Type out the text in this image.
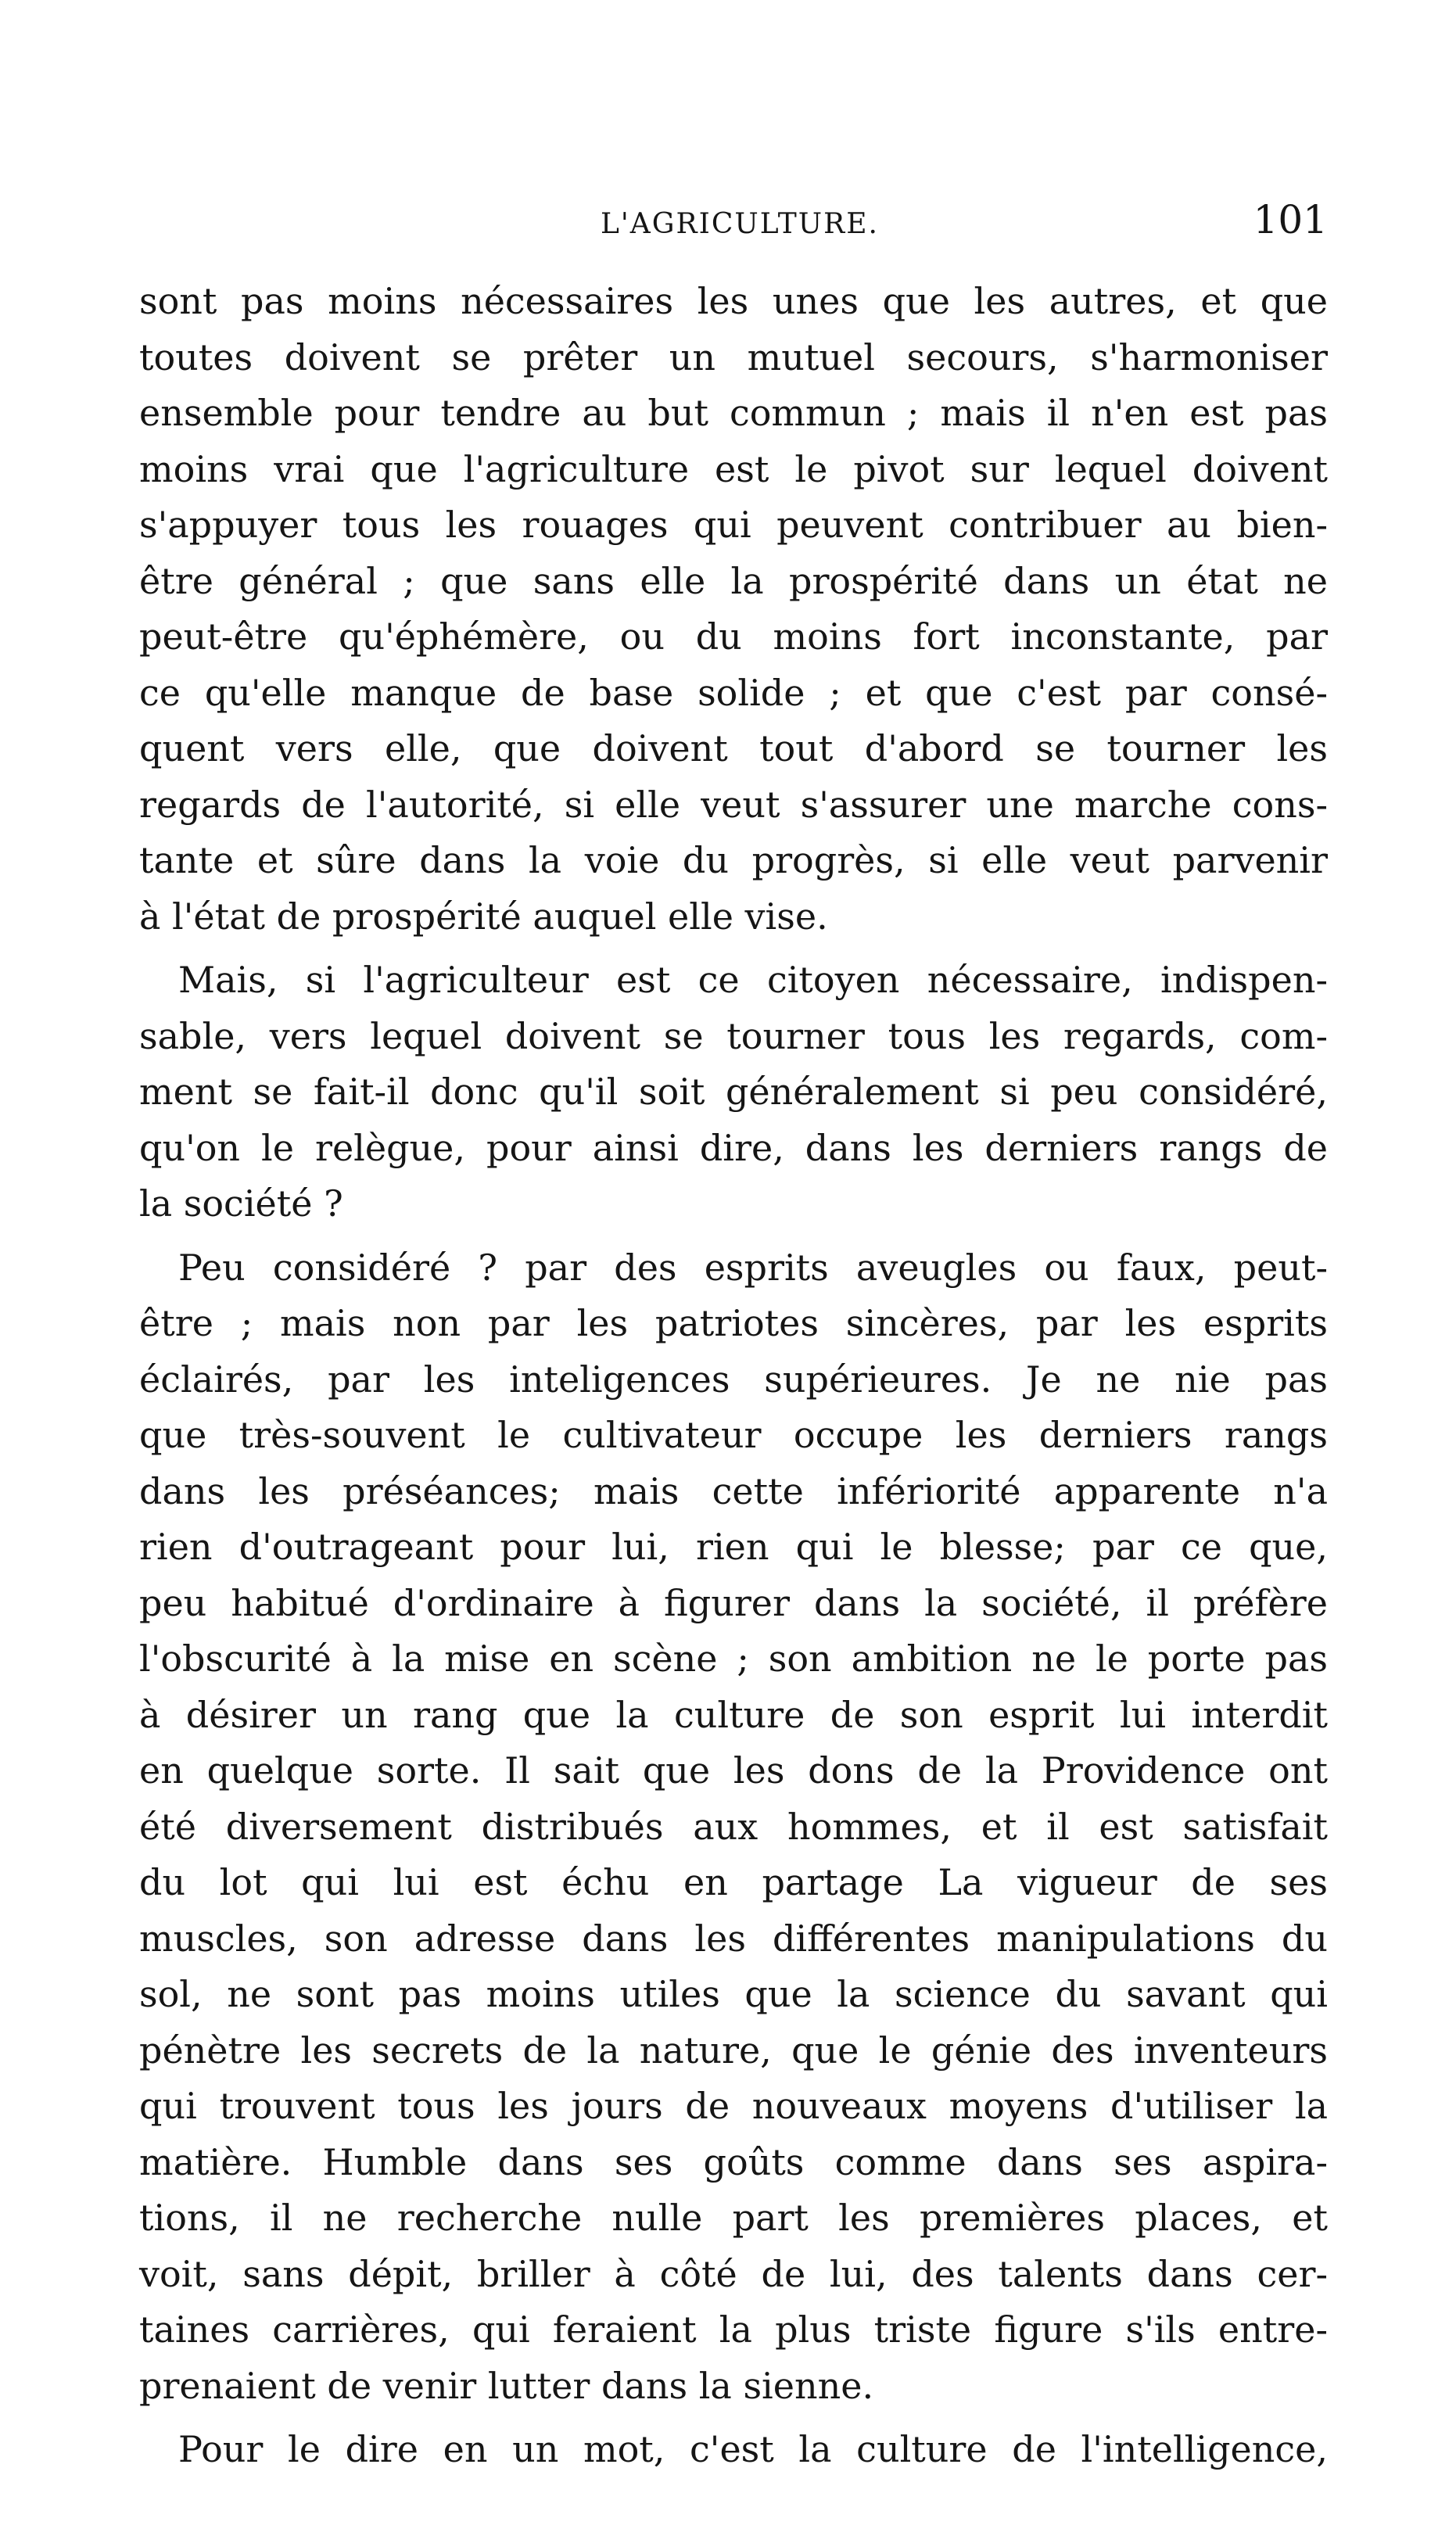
L'AGRICULTURE.	101
sont pas moins nécessaires les unes que les autres, et que
toutes doivent se prêter un mutuel secours, s'harmoniser
ensemble pour tendre au but commun ; mais il n'en est pas
moins vrai que l'agriculture est le pivot sur lequel doivent
s'appuyer tous les rouages qui peuvent contribuer au bien-
être général ; que sans elle la prospérité dans un état ne
peut-être qu'éphémère, ou du moins fort inconstante, par
ce qu'elle manque de base solide ; et que c'est par consé-
quent vers elle, que doivent tout d'abord se tourner les
regards de l'autorité, si elle veut s'assurer une marche cons-
tante et sûre dans la voie du progrès, si elle veut parvenir
à l'état de prospérité auquel elle vise.
Mais, si l'agriculteur est ce citoyen nécessaire, indispen-
sable, vers lequel doivent se tourner tous les regards, com-
ment se fait-il donc qu'il soit généralement si peu considéré,
qu'on le relègue, pour ainsi dire, dans les derniers rangs de
la société ?
Peu considéré ? par des esprits aveugles ou faux, peut-
être ; mais non par les patriotes sincères, par les esprits
éclairés, par les inteligences supérieures. Je ne nie pas
que très-souvent le cultivateur occupe les derniers rangs
dans les préséances; mais cette infériorité apparente n'a
rien d'outrageant pour lui, rien qui le blesse; par ce que,
peu habitué d'ordinaire à figurer dans la société, il préfère
l'obscurité à la mise en scène ; son ambition ne le porte pas
à désirer un rang que la culture de son esprit lui interdit
en quelque sorte. Il sait que les dons de la Providence ont
été diversement distribués aux hommes, et il est satisfait
du lot qui lui est échu en partage La vigueur de ses
muscles, son adresse dans les différentes manipulations du
sol, ne sont pas moins utiles que la science du savant qui
pénètre les secrets de la nature, que le génie des inventeurs
qui trouvent tous les jours de nouveaux moyens d'utiliser la
matière. Humble dans ses goûts comme dans ses aspira-
tions, il ne recherche nulle part les premières places, et
voit, sans dépit, briller à côté de lui, des talents dans cer-
taines carrières, qui feraient la plus triste figure s'ils entre-
prenaient de venir lutter dans la sienne.
Pour le dire en un mot, c'est la culture de l'intelligence,
